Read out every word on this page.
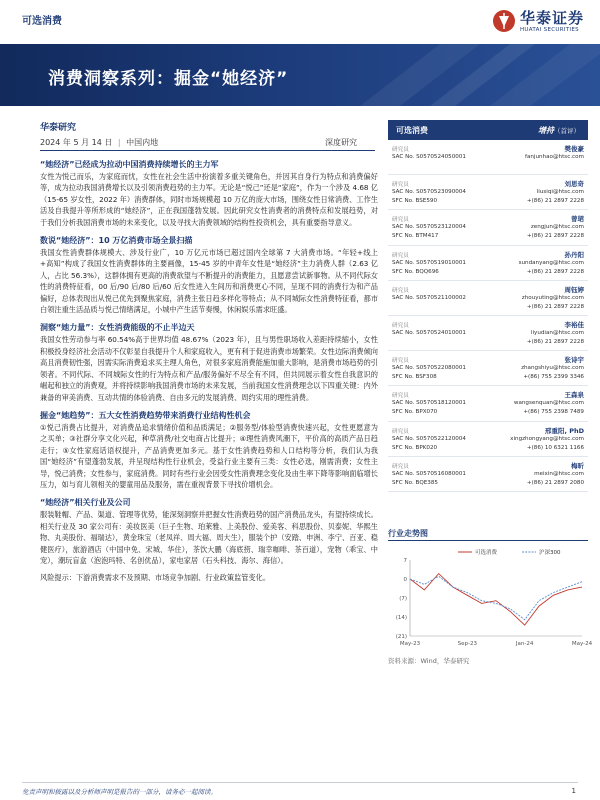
可选消费	华泰证券
HUATAI SECURITIES
消费洞察系列：掘金“她经济”
华泰研究
2024 年 5 月 14 日 | 中国内地	深度研究
“她经济”已经成为拉动中国消费持续增长的主力军

女性为悦己而乐，为家庭而忧，女性在社会生活中扮演着多重关键角色，并因其自身行为特点和消费偏好等，成为拉动我国消费增长以及引领消费趋势的主力军。无论是“悦己”还是“家庭”，作为一个涉及 4.68 亿（15-65 岁女性，2022 年）消费群体，同时市场规模超 10 万亿的庞大市场，围绕女性日常消费、工作生活及自我提升等所形成的“她经济”，正在我国蓬勃发展。因此研究女性消费者的消费特点和发展趋势，对于我们分析我国消费市场的未来变化，以及寻找大消费领域的结构性投资机会，具有重要指导意义。

数说“她经济”：10 万亿消费市场全景扫描

我国女性消费群体规模大、涉及行业广，10 万亿元市场已超过国内全球第 7 大消费市场。“年轻+线上+高知”构成了我国女性消费群体的主要画像，15-45 岁的中青年女性是“她经济”主力消费人群（2.63 亿人，占比 56.3%），这群体拥有更高的消费欲望与不断提升的消费能力，且愿意尝试新事物。从不同代际女性的消费特征看，00 后/90 后/80 后/60 后女性进入生间历和消费更心不同，呈现不同的消费行为和产品偏好，总体表现出从悦己优先到聚焦家庭，消费主张日趋多样化等特点；从不同城际女性消费特征看，都市白领注重生活品质与悦己情绪满足，小城中产生活节奏慢，休闲娱乐需求旺盛。

洞察“她力量”：女性消费能级的不止半边天

我国女性劳动参与率 60.54%高于世界均值 48.67%（2023 年），且与男性职场收入差距持续缩小，女性积极投身经济社会活动不仅彰显自我提升个人和家庭收入，更有利于促进消费市场繁荣。女性边际消费倾向高且消费韧性强，因需实际消费追求买主理人角色，对很多家庭消费能施加重大影响，是消费市场趋势的引领者。不同代际、不同城际女性的行为特点和产品/服务偏好不尽全有不同，但共同展示着女性自我意识的崛起和独立的消费观，并将持续影响我国消费市场的未来发展，当前我国女性消费理念以下四重关键：内外兼备的审美消费、互动共情的体验消费、自由多元的发展消费、周约实用的理性消费。

掘金“她趋势”：五大女性消费趋势带来消费行业结构性机会

①悦己消费占比提升，对消费品追求情绪价值和品质满足；②服务型/体验型消费快速兴起，女性更愿意为之买单；③社群分享文化兴起，种草消费/社交电商占比提升；④理性消费风潮下，平价高的高质产品日趋走行；⑤女性家庭话语权提升，产品消费更加多元。基于女性消费趋势和人口结构等分析，我们认为我国“她经济”有望蓬勃发展，并呈现结构性行业机会，受益行业主要有三类：女性必选，刚需消费；女性主导，悦己消费；女性参与，家庭消费。同时有些行业会因受女性消费理念变化及由生率下降等影响面临增长压力，如与育儿领相关的婴童用品及服务，需在重视背景下寻找价增机会。

“她经济”相关行业及公司

服装鞋帽、产品、渠道、管理等优势，能深刻洞察并把握女性消费趋势的国产消费品龙头，有望持续成长。相关行业及 30 家公司有：美妆医美（巨子生物、珀莱雅、上美股份、爱美客、科思股份、贝泰妮、华熙生物、丸美股份、福瑞达），黄金珠宝（老凤祥、周大福、周大生），服装个护（安踏、申洲、李宁、百亚、稳健医疗），旅游酒店（中国中免、宋城、华住），茶饮大鹏（海底捞、瑞幸咖啡、茶百道），宠物（乖宝、中宠），潮玩盲盒（泡泡玛特、名创优品），家电家居（石头科技、海尔、海信）。

风险提示：下游消费需求不及预期、市场竞争加剧、行业政策监管变化。

可选消费	增持（首评）
研究员	樊俊豪
SAC No. S0570524050001	fanjunhao@htsc.com
研究员	刘思奇
SAC No. S0570523090004	liusiqi@htsc.com
SFC No. BSE590	+(86) 21 2897 2228
研究员	曾珺
SAC No. S0570523120004	zengjun@htsc.com
SFC No. BTM417	+(86) 21 2897 2228
研究员	孙丹阳
SAC No. S0570519010001	sundanyang@htsc.com
SFC No. BQQ696	+(86) 21 2897 2228
研究员	周钰婷
SAC No. S0570521100002	zhouyuting@htsc.com
+(86) 21 2897 2228
研究员	李裕佳
SAC No. S0570524010001	liyudian@htsc.com
+(86) 21 2897 2228
研究员	张诗宇
SAC No. S0570522080001	zhangshiyu@htsc.com
SFC No. BSF308	+(86) 755 2399 3346
研究员	王森泉
SAC No. S0570518120001	wangsenquan@htsc.com
SFC No. BPX070	+(86) 755 2398 7489
研究员	邢重阳, PhD
SAC No. S0570522120004	xingzhongyang@htsc.com
SFC No. BPK020	+(86) 10 6321 1166
研究员	梅昕
SAC No. S0570516080001	meixin@htsc.com
SFC No. BQE385	+(86) 21 2897 2080
行业走势图
7
0
(7)
(14)
(21)
May-23	Sep-23	Jan-24	May-24
可选消费	沪深300
资料来源：Wind，华泰研究
免责声明和披露以及分析师声明是报告的一部分，请务必一起阅读。	1
